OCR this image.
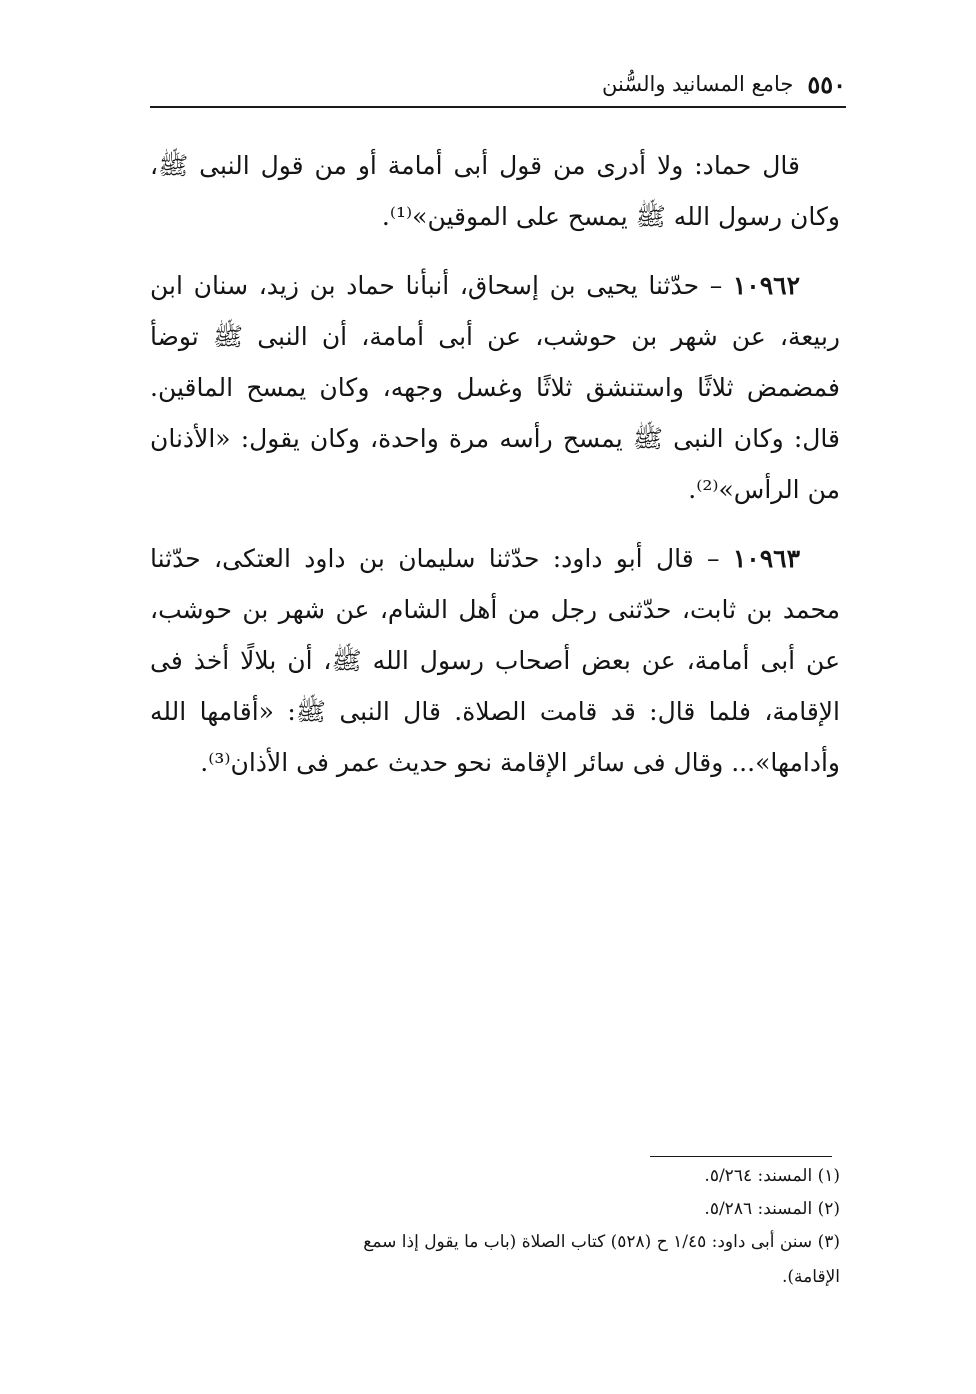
٥٥٠
جامع المسانيد والسُّنن

قال حماد: ولا أدرى من قول أبى أمامة أو من قول النبى ﷺ، وكان رسول الله ﷺ يمسح على الموقين»⁽¹⁾.

١٠٩٦٢ – حدّثنا يحيى بن إسحاق، أنبأنا حماد بن زيد، سنان ابن ربيعة، عن شهر بن حوشب، عن أبى أمامة، أن النبى ﷺ توضأ فمضمض ثلاثًا واستنشق ثلاثًا وغسل وجهه، وكان يمسح الماقين. قال: وكان النبى ﷺ يمسح رأسه مرة واحدة، وكان يقول: «الأذنان من الرأس»⁽²⁾.

١٠٩٦٣ – قال أبو داود: حدّثنا سليمان بن داود العتكى، حدّثنا محمد بن ثابت، حدّثنى رجل من أهل الشام، عن شهر بن حوشب، عن أبى أمامة، عن بعض أصحاب رسول الله ﷺ، أن بلالًا أخذ فى الإقامة، فلما قال: قد قامت الصلاة. قال النبى ﷺ: «أقامها الله وأدامها»... وقال فى سائر الإقامة نحو حديث عمر فى الأذان⁽³⁾.

(١) المسند: ٥/٢٦٤.

(٢) المسند: ٥/٢٨٦.

(٣) سنن أبى داود: ١/٤٥ ح (٥٢٨) كتاب الصلاة (باب ما يقول إذا سمع

الإقامة).
